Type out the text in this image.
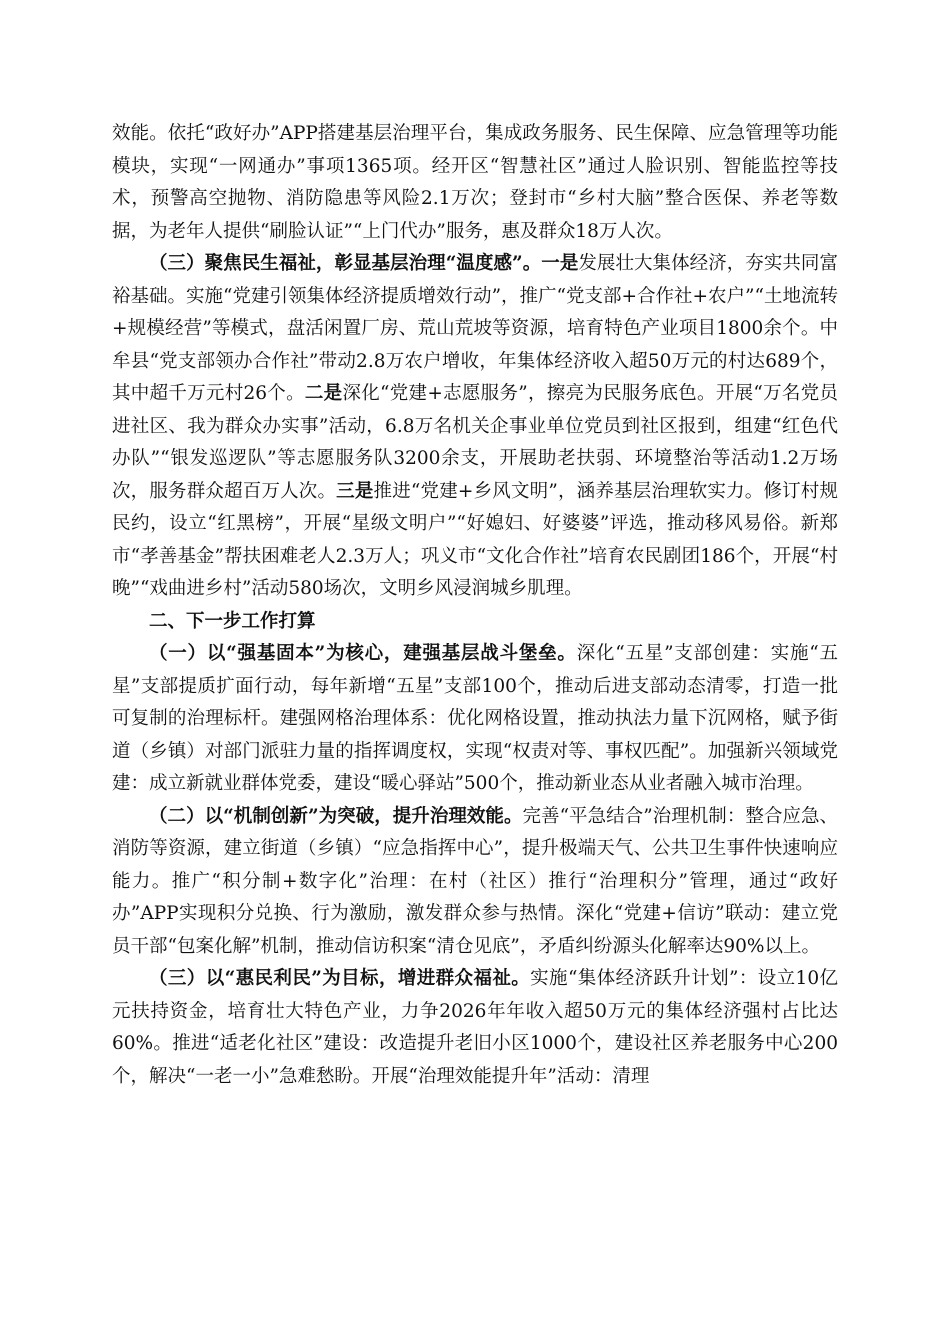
效能。依托“政好办”APP搭建基层治理平台，集成政务服务、民生保障、应急管理等功能模块，实现“一网通办”事项1365项。经开区“智慧社区”通过人脸识别、智能监控等技术，预警高空抛物、消防隐患等风险2.1万次；登封市“乡村大脑”整合医保、养老等数据，为老年人提供“刷脸认证”“上门代办”服务，惠及群众18万人次。

（三）聚焦民生福祉，彰显基层治理“温度感”。一是发展壮大集体经济，夯实共同富裕基础。实施“党建引领集体经济提质增效行动”，推广“党支部+合作社+农户”“土地流转+规模经营”等模式，盘活闲置厂房、荒山荒坡等资源，培育特色产业项目1800余个。中牟县“党支部领办合作社”带动2.8万农户增收，年集体经济收入超50万元的村达689个，其中超千万元村26个。二是深化“党建+志愿服务”，擦亮为民服务底色。开展“万名党员进社区、我为群众办实事”活动，6.8万名机关企事业单位党员到社区报到，组建“红色代办队”“银发巡逻队”等志愿服务队3200余支，开展助老扶弱、环境整治等活动1.2万场次，服务群众超百万人次。三是推进“党建+乡风文明”，涵养基层治理软实力。修订村规民约，设立“红黑榜”，开展“星级文明户”“好媳妇、好婆婆”评选，推动移风易俗。新郑市“孝善基金”帮扶困难老人2.3万人；巩义市“文化合作社”培育农民剧团186个，开展“村晚”“戏曲进乡村”活动580场次，文明乡风浸润城乡肌理。

二、下一步工作打算

（一）以“强基固本”为核心，建强基层战斗堡垒。深化“五星”支部创建：实施“五星”支部提质扩面行动，每年新增“五星”支部100个，推动后进支部动态清零，打造一批可复制的治理标杆。建强网格治理体系：优化网格设置，推动执法力量下沉网格，赋予街道（乡镇）对部门派驻力量的指挥调度权，实现“权责对等、事权匹配”。加强新兴领域党建：成立新就业群体党委，建设“暖心驿站”500个，推动新业态从业者融入城市治理。

（二）以“机制创新”为突破，提升治理效能。完善“平急结合”治理机制：整合应急、消防等资源，建立街道（乡镇）“应急指挥中心”，提升极端天气、公共卫生事件快速响应能力。推广“积分制+数字化”治理：在村（社区）推行“治理积分”管理，通过“政好办”APP实现积分兑换、行为激励，激发群众参与热情。深化“党建+信访”联动：建立党员干部“包案化解”机制，推动信访积案“清仓见底”，矛盾纠纷源头化解率达90%以上。

（三）以“惠民利民”为目标，增进群众福祉。实施“集体经济跃升计划”：设立10亿元扶持资金，培育壮大特色产业，力争2026年年收入超50万元的集体经济强村占比达60%。推进“适老化社区”建设：改造提升老旧小区1000个，建设社区养老服务中心200个，解决“一老一小”急难愁盼。开展“治理效能提升年”活动：清理
